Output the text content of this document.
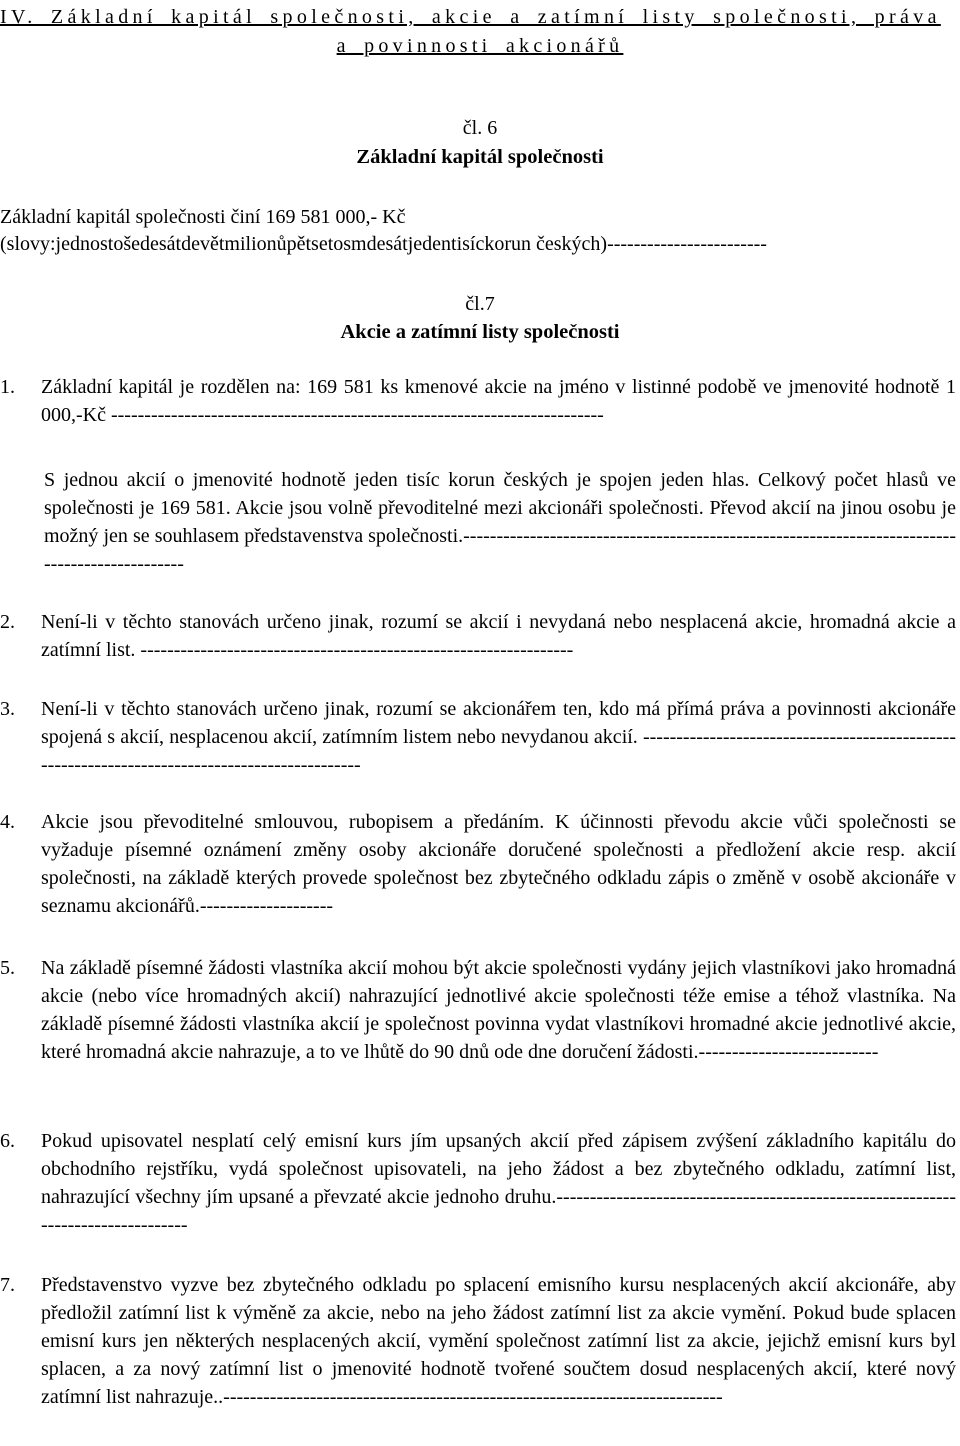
IV. Základní kapitál společnosti, akcie a zatímní listy společnosti, práva
a povinnosti akcionářů
čl. 6
Základní kapitál společnosti
Základní kapitál společnosti činí 169 581 000,- Kč
(slovy:jednostošedesátdevětmilionůpětsetosmdesátjedentisíckorun českých)------------------------
čl.7
Akcie a zatímní listy společnosti
1. Základní kapitál je rozdělen na: 169 581 ks kmenové akcie na jméno v listinné podobě ve jmenovité hodnotě 1 000,-Kč --------------------------------------------------------------------------
S jednou akcií o jmenovité hodnotě jeden tisíc korun českých je spojen jeden hlas. Celkový počet hlasů ve společnosti je 169 581. Akcie jsou volně převoditelné mezi akcionáři společnosti. Převod akcií na jinou osobu je možný jen se souhlasem představenstva společnosti.-----------------------------------------------------------------------------------------------
2. Není-li v těchto stanovách určeno jinak, rozumí se akcií i nevydaná nebo nesplacená akcie, hromadná akcie a zatímní list. -----------------------------------------------------------------
3. Není-li v těchto stanovách určeno jinak, rozumí se akcionářem ten, kdo má přímá práva a povinnosti akcionáře spojená s akcií, nesplacenou akcií, zatímním listem nebo nevydanou akcií. -----------------------------------------------------------------------------------------------
4. Akcie jsou převoditelné smlouvou, rubopisem a předáním. K účinnosti převodu akcie vůči společnosti se vyžaduje písemné oznámení změny osoby akcionáře doručené společnosti a předložení akcie resp. akcií společnosti, na základě kterých provede společnost bez zbytečného odkladu zápis o změně v osobě akcionáře v seznamu akcionářů.--------------------
5. Na základě písemné žádosti vlastníka akcií mohou být akcie společnosti vydány jejich vlastníkovi jako hromadná akcie (nebo více hromadných akcií) nahrazující jednotlivé akcie společnosti téže emise a téhož vlastníka. Na základě písemné žádosti vlastníka akcií je společnost povinna vydat vlastníkovi hromadné akcie jednotlivé akcie, které hromadná akcie nahrazuje, a to ve lhůtě do 90 dnů ode dne doručení žádosti.---------------------------
6. Pokud upisovatel nesplatí celý emisní kurs jím upsaných akcií před zápisem zvýšení základního kapitálu do obchodního rejstříku, vydá společnost upisovateli, na jeho žádost a bez zbytečného odkladu, zatímní list, nahrazující všechny jím upsané a převzaté akcie jednoho druhu.----------------------------------------------------------------------------------
7. Představenstvo vyzve bez zbytečného odkladu po splacení emisního kursu nesplacených akcií akcionáře, aby předložil zatímní list k výměně za akcie, nebo na jeho žádost zatímní list za akcie vymění. Pokud bude splacen emisní kurs jen některých nesplacených akcií, vymění společnost zatímní list za akcie, jejichž emisní kurs byl splacen, a za nový zatímní list o jmenovité hodnotě tvořené součtem dosud nesplacených akcií, které nový zatímní list nahrazuje..---------------------------------------------------------------------------
